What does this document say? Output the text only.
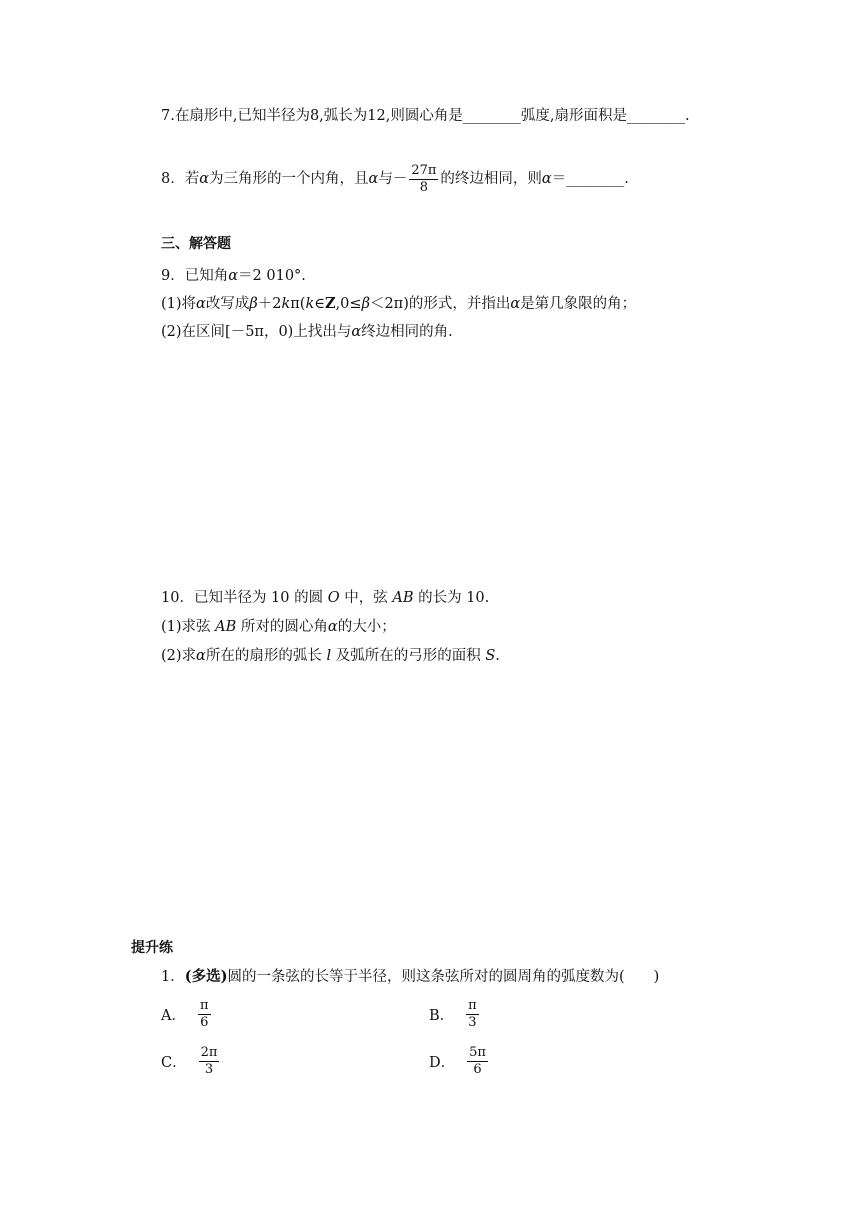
7.在扇形中,已知半径为8,弧长为12,则圆心角是________弧度,扇形面积是________.
8．若α为三角形的一个内角，且α与－ $\frac{27\pi}{8}$ 的终边相同，则α＝________.
三、解答题
9．已知角α＝2 010°.
(1)将α改写成β＋2kπ(k∈Z,0≤β＜2π)的形式，并指出α是第几象限的角；
(2)在区间[－5π，0)上找出与α终边相同的角.
10．已知半径为 10 的圆 O 中，弦 AB 的长为 10.
(1)求弦 AB 所对的圆心角α的大小；
(2)求α所在的扇形的弧长 l 及弧所在的弓形的面积 S.
提升练
1．(多选)圆的一条弦的长等于半径，则这条弦所对的圆周角的弧度数为(　　)
A． $\frac{\pi}{6}$	B． $\frac{\pi}{3}$
C． $\frac{2\pi}{3}$	D． $\frac{5\pi}{6}$
